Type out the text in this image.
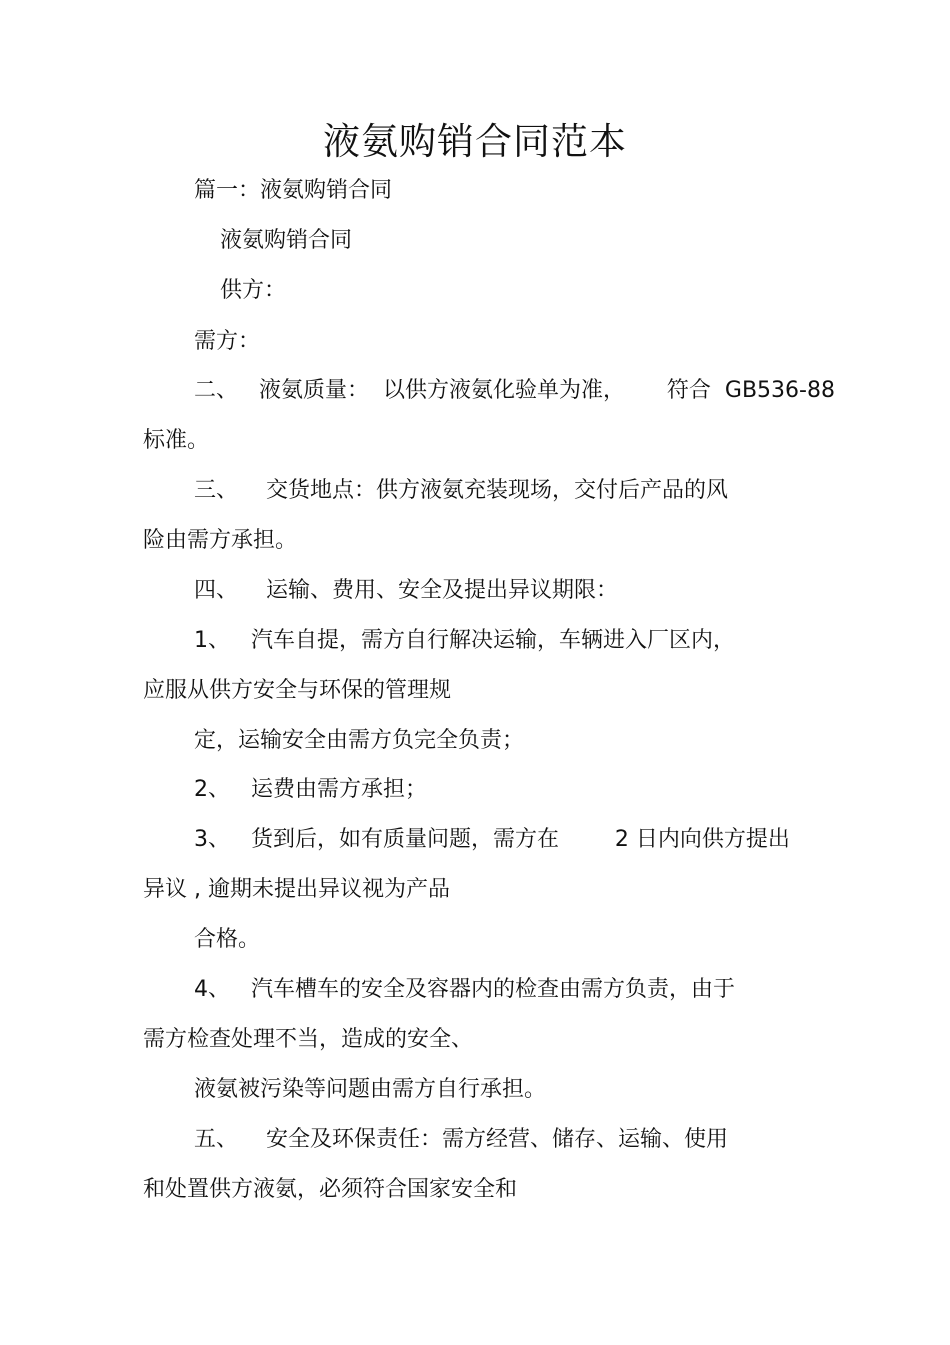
液氨购销合同范本
篇一：液氨购销合同
液氨购销合同
供方：
需方：
二、   液氨质量：  以供方液氨化验单为准，      符合  GB536-88
标准。
三、    交货地点：供方液氨充装现场，交付后产品的风
险由需方承担。
四、    运输、费用、安全及提出异议期限：
1、   汽车自提，需方自行解决运输，车辆进入厂区内，
应服从供方安全与环保的管理规
定，运输安全由需方负完全负责；
2、   运费由需方承担；
3、   货到后，如有质量问题，需方在        2 日内向供方提出
异议 , 逾期未提出异议视为产品
合格。
4、   汽车槽车的安全及容器内的检查由需方负责，由于
需方检查处理不当，造成的安全、
液氨被污染等问题由需方自行承担。
五、    安全及环保责任：需方经营、储存、运输、使用
和处置供方液氨，必须符合国家安全和
